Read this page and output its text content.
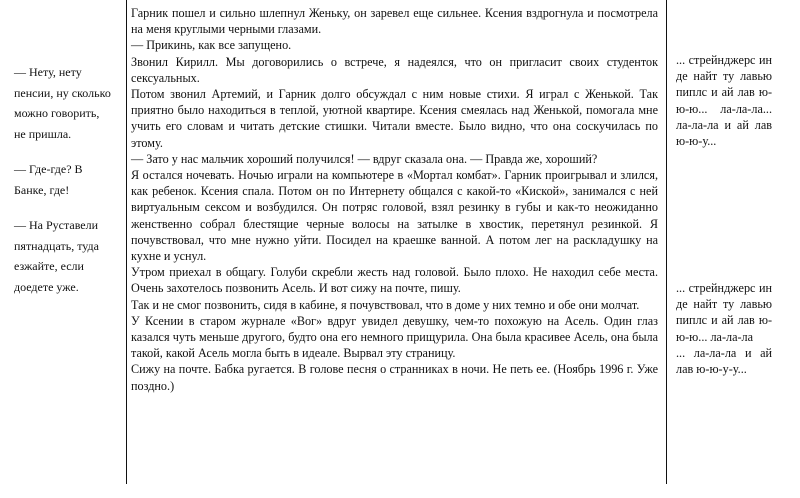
— Нету, нету пенсии, ну сколько можно говорить, не пришла.

— Где-где? В Банке, где!

— На Руставели пятнадцать, туда езжайте, если доедете уже.

Гарник пошел и сильно шлепнул Женьку, он заревел еще сильнее. Ксения вздрогнула и посмотрела на меня круглыми черными глазами.

— Прикинь, как все запущено.

Звонил Кирилл. Мы договорились о встрече, я надеялся, что он пригласит своих студенток сексуальных.

Потом звонил Артемий, и Гарник долго обсуждал с ним новые стихи. Я играл с Женькой. Так приятно было находиться в теплой, уютной квартире. Ксения смеялась над Женькой, помогала мне учить его словам и читать детские стишки. Читали вместе. Было видно, что она соскучилась по этому.

— Зато у нас мальчик хороший получился! — вдруг сказала она. — Правда же, хороший?

Я остался ночевать. Ночью играли на компьютере в «Мортал комбат». Гарник проигрывал и злился, как ребенок. Ксения спала. Потом он по Интернету общался с какой-то «Киской», занимался с ней виртуальным сексом и возбудился. Он потряс головой, взял резинку в губы и как-то неожиданно женственно собрал блестящие черные волосы на затылке в хвостик, перетянул резинкой. Я почувствовал, что мне нужно уйти. Посидел на краешке ванной. А потом лег на раскладушку на кухне и уснул.

Утром приехал в общагу. Голуби скребли жесть над головой. Было плохо. Не находил себе места. Очень захотелось позвонить Асель. И вот сижу на почте, пишу.

Так и не смог позвонить, сидя в кабине, я почувствовал, что в доме у них темно и обе они молчат.

У Ксении в старом журнале «Вог» вдруг увидел девушку, чем-то похожую на Асель. Один глаз казался чуть меньше другого, будто она его немного прищурила. Она была красивее Асель, она была такой, какой Асель могла быть в идеале. Вырвал эту страницу.

Сижу на почте. Бабка ругается. В голове песня о странниках в ночи. Не петь ее. (Ноябрь 1996 г. Уже поздно.)

... стрейнджерс ин де найт ту лавью пиплс и ай лав ю-ю-ю... ла-ла-ла... ла-ла-ла и ай лав ю-ю-у...

... стрейнджерс ин де найт ту лавью пиплс и ай лав ю-ю-ю... ла-ла-ла

... ла-ла-ла и ай лав ю-ю-у-у...
